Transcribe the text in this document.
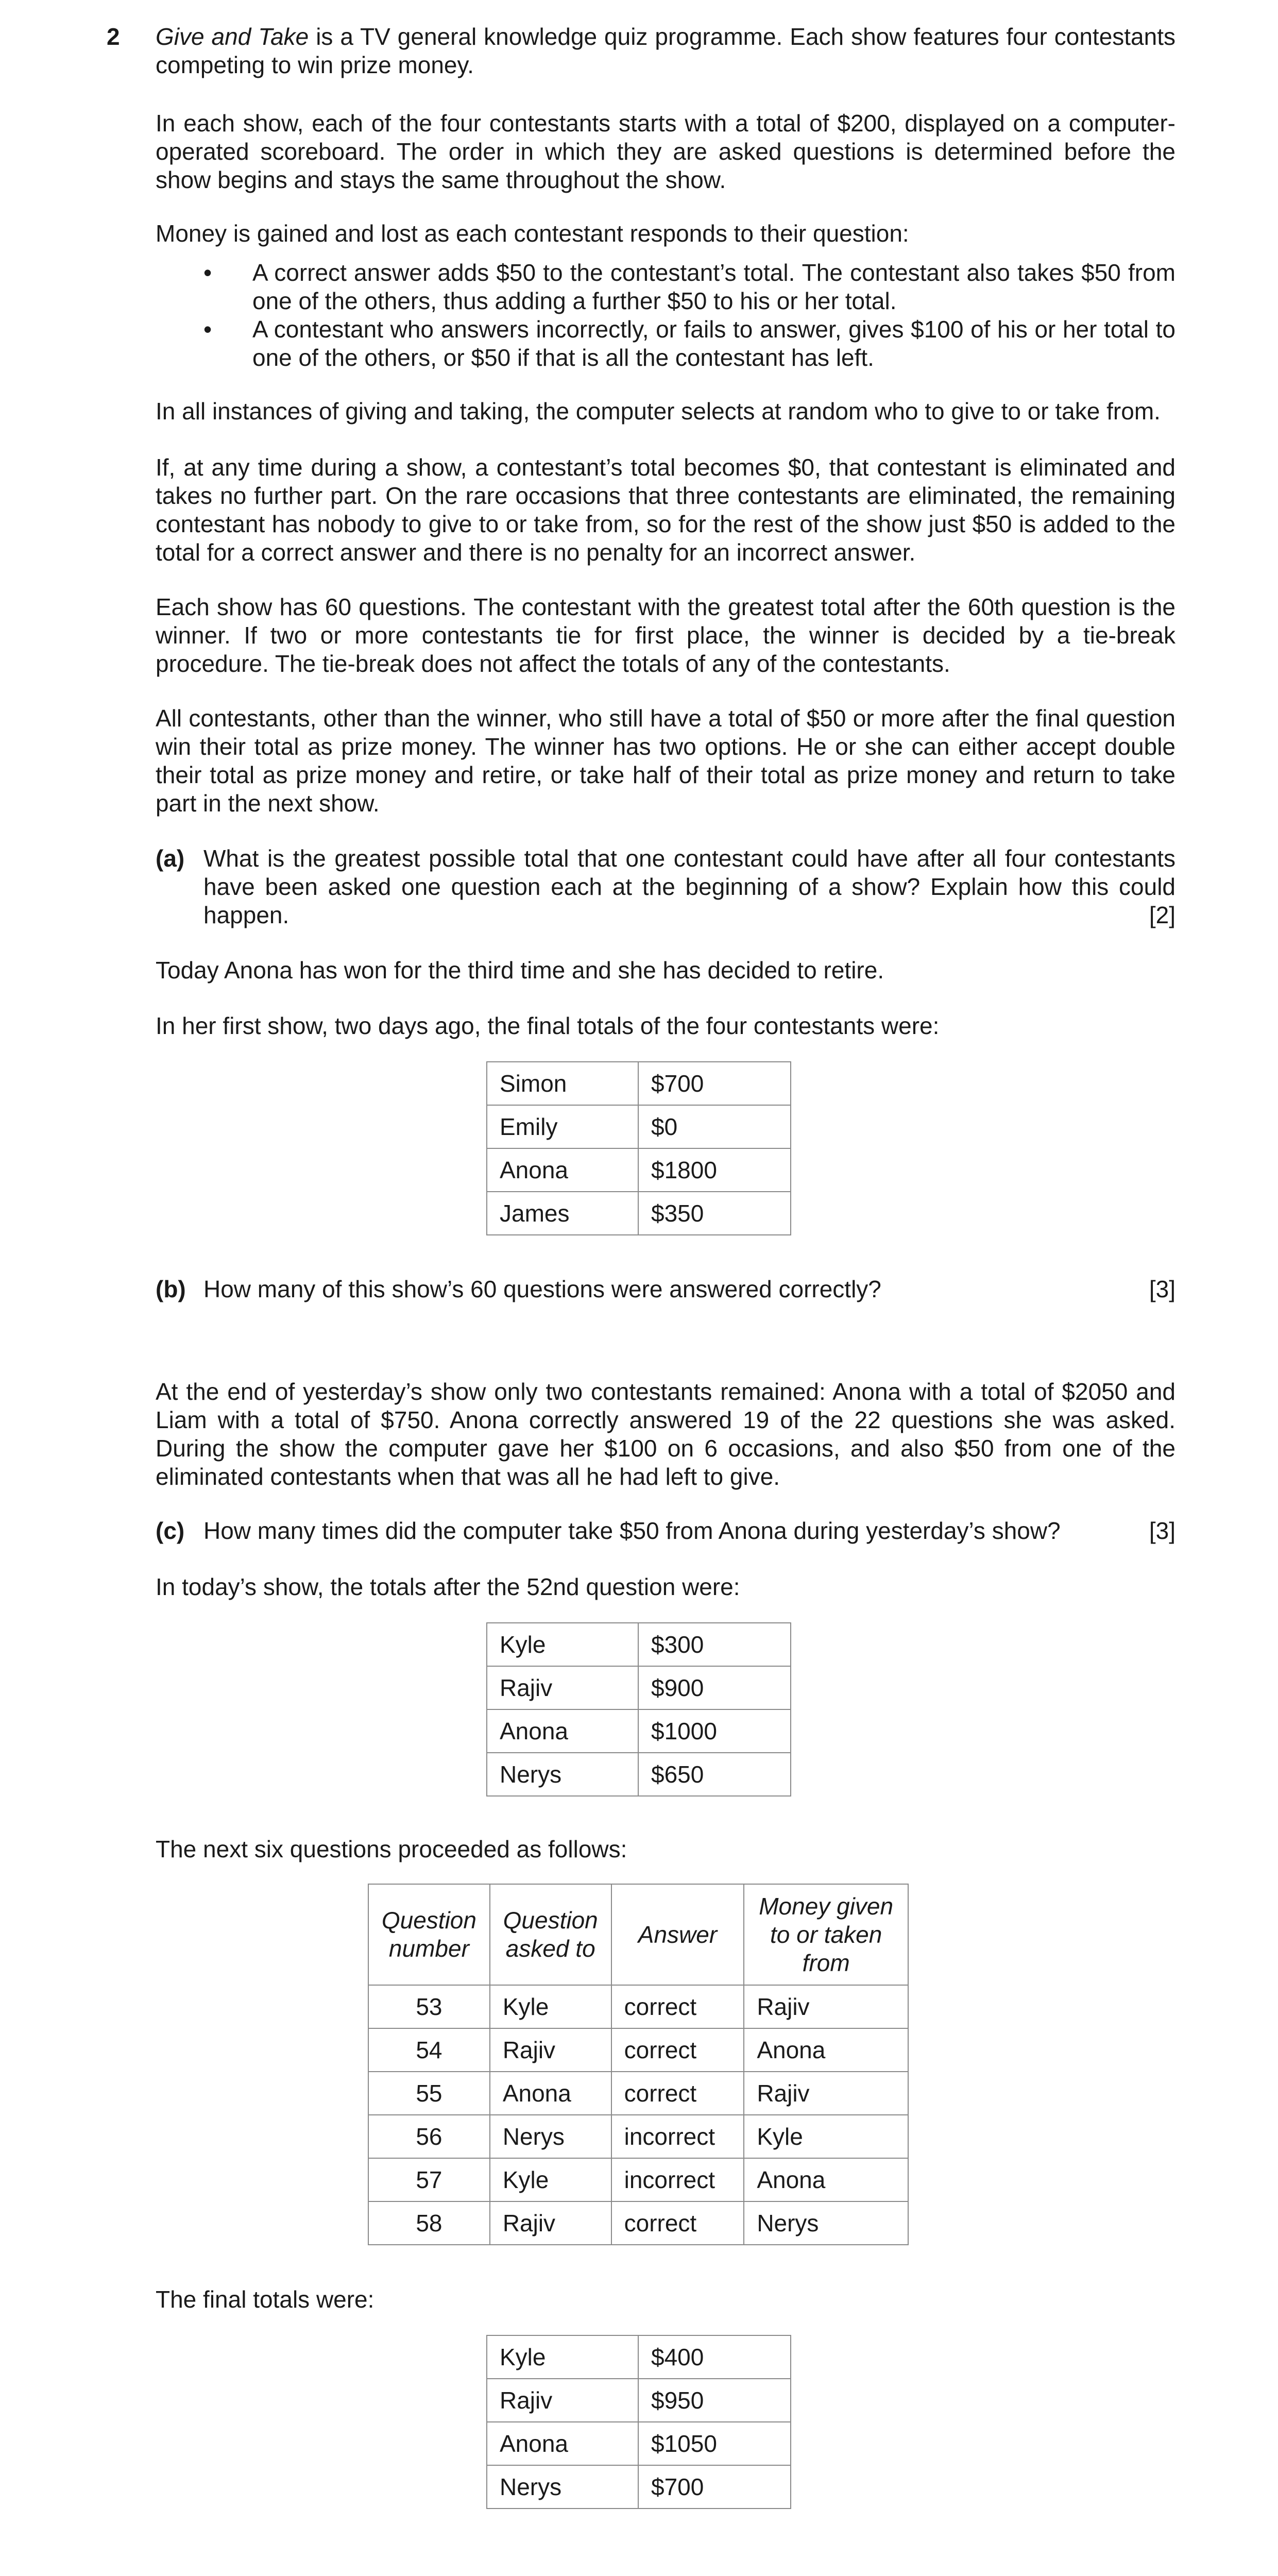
2 Give and Take is a TV general knowledge quiz programme. Each show features four contestants competing to win prize money.

In each show, each of the four contestants starts with a total of $200, displayed on a computer-operated scoreboard. The order in which they are asked questions is determined before the show begins and stays the same throughout the show.
Money is gained and lost as each contestant responds to their question:
• A correct answer adds $50 to the contestant’s total. The contestant also takes $50 from one of the others, thus adding a further $50 to his or her total.
• A contestant who answers incorrectly, or fails to answer, gives $100 of his or her total to one of the others, or $50 if that is all the contestant has left.
In all instances of giving and taking, the computer selects at random who to give to or take from.
If, at any time during a show, a contestant’s total becomes $0, that contestant is eliminated and takes no further part. On the rare occasions that three contestants are eliminated, the remaining contestant has nobody to give to or take from, so for the rest of the show just $50 is added to the total for a correct answer and there is no penalty for an incorrect answer.
Each show has 60 questions. The contestant with the greatest total after the 60th question is the winner. If two or more contestants tie for first place, the winner is decided by a tie-break procedure. The tie-break does not affect the totals of any of the contestants.
All contestants, other than the winner, who still have a total of $50 or more after the final question win their total as prize money. The winner has two options. He or she can either accept double their total as prize money and retire, or take half of their total as prize money and return to take part in the next show.
(a) What is the greatest possible total that one contestant could have after all four contestants have been asked one question each at the beginning of a show? Explain how this could happen.	[2]
Today Anona has won for the third time and she has decided to retire.
In her first show, two days ago, the final totals of the four contestants were:
Simon	$700
Emily	$0
Anona	$1800
James	$350
(b) How many of this show’s 60 questions were answered correctly?	[3]
At the end of yesterday’s show only two contestants remained: Anona with a total of $2050 and Liam with a total of $750. Anona correctly answered 19 of the 22 questions she was asked. During the show the computer gave her $100 on 6 occasions, and also $50 from one of the eliminated contestants when that was all he had left to give.
(c) How many times did the computer take $50 from Anona during yesterday’s show?	[3]
In today’s show, the totals after the 52nd question were:
Kyle	$300
Rajiv	$900
Anona	$1000
Nerys	$650
The next six questions proceeded as follows:
Question number	Question asked to	Answer	Money given to or taken from
53	Kyle	correct	Rajiv
54	Rajiv	correct	Anona
55	Anona	correct	Rajiv
56	Nerys	incorrect	Kyle
57	Kyle	incorrect	Anona
58	Rajiv	correct	Nerys
The final totals were:
Kyle	$400
Rajiv	$950
Anona	$1050
Nerys	$700
